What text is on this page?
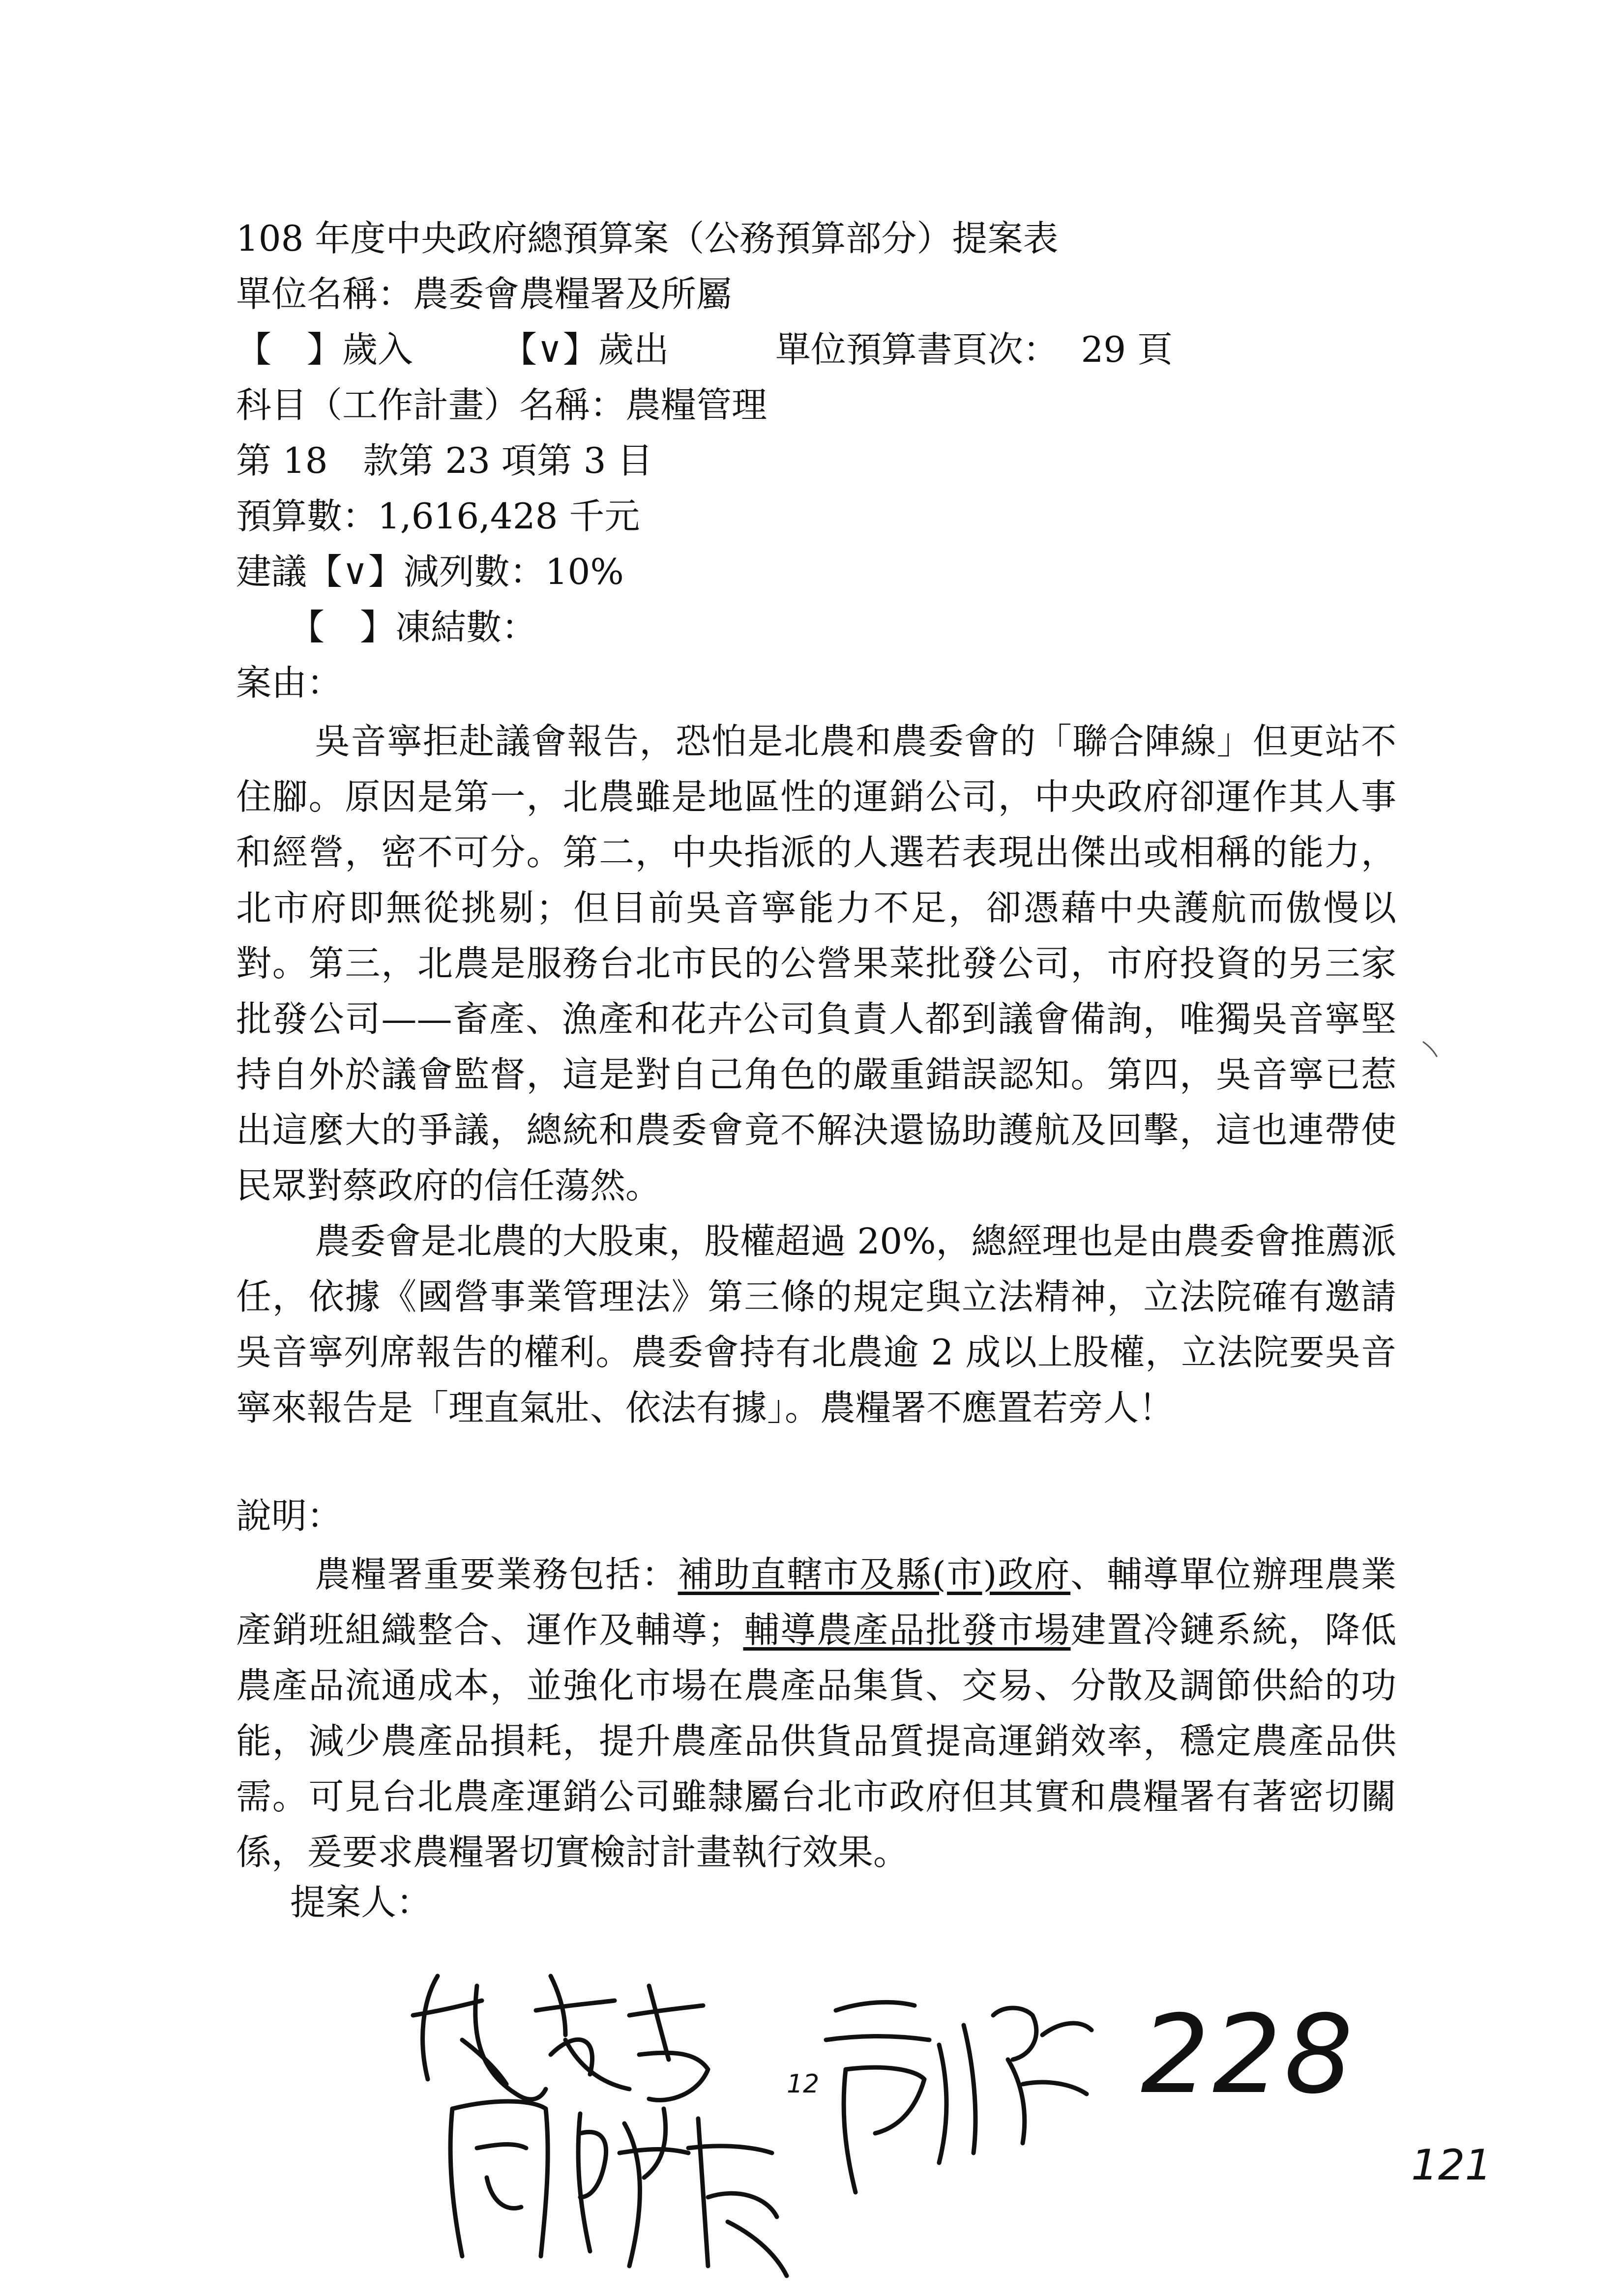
108 年度中央政府總預算案（公務預算部分）提案表
單位名稱：農委會農糧署及所屬
【　】歲入　　　【∨】歲出　　　單位預算書頁次：  29 頁
科目（工作計畫）名稱：農糧管理
第 18　款第 23 項第 3 目
預算數：1,616,428 千元
建議【∨】減列數：10%
　　【　】凍結數：
案由：

吳音寧拒赴議會報告，恐怕是北農和農委會的「聯合陣線」但更站不住腳。原因是第一，北農雖是地區性的運銷公司，中央政府卻運作其人事和經營，密不可分。第二，中央指派的人選若表現出傑出或相稱的能力，北市府即無從挑剔；但目前吳音寧能力不足，卻憑藉中央護航而傲慢以對。第三，北農是服務台北市民的公營果菜批發公司，市府投資的另三家批發公司——畜產、漁產和花卉公司負責人都到議會備詢，唯獨吳音寧堅持自外於議會監督，這是對自己角色的嚴重錯誤認知。第四，吳音寧已惹出這麼大的爭議，總統和農委會竟不解決還協助護航及回擊，這也連帶使民眾對蔡政府的信任蕩然。

農委會是北農的大股東，股權超過 20%，總經理也是由農委會推薦派任，依據《國營事業管理法》第三條的規定與立法精神，立法院確有邀請吳音寧列席報告的權利。農委會持有北農逾 2 成以上股權，立法院要吳音寧來報告是「理直氣壯、依法有據」。農糧署不應置若旁人！

說明：

農糧署重要業務包括：補助直轄市及縣(市)政府、輔導單位辦理農業產銷班組織整合、運作及輔導；輔導農產品批發市場建置冷鏈系統，降低農產品流通成本，並強化市場在農產品集貨、交易、分散及調節供給的功能，減少農產品損耗，提升農產品供貨品質提高運銷效率，穩定農產品供需。可見台北農產運銷公司雖隸屬台北市政府但其實和農糧署有著密切關係，爰要求農糧署切實檢討計畫執行效果。

提案人：
12	228
121
